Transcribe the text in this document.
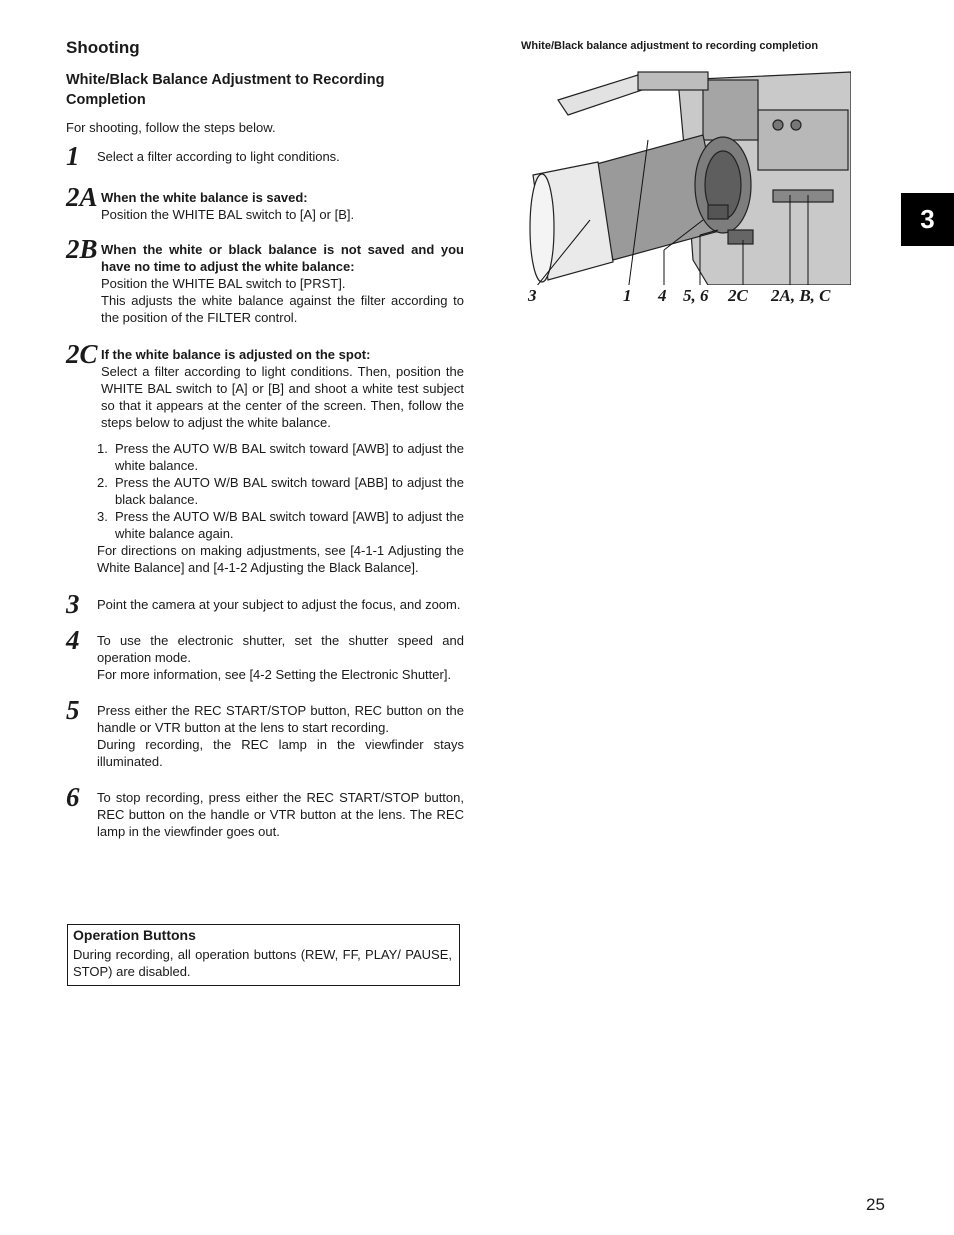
Shooting
White/Black Balance Adjustment to Recording Completion
For shooting, follow the steps below.
1 Select a filter according to light conditions.
2A When the white balance is saved:

Position the WHITE BAL switch to [A] or [B].

2B When the white or black balance is not saved and you have no time to adjust the white balance:

Position the WHITE BAL switch to [PRST].

This adjusts the white balance against the filter according to the position of the FILTER control.

2C If the white balance is adjusted on the spot:

Select a filter according to light conditions. Then, position the WHITE BAL switch to [A] or [B] and shoot a white test subject so that it appears at the center of the screen. Then, follow the steps below to adjust the white balance.

1. Press the AUTO W/B BAL switch toward [AWB] to adjust the white balance.
2. Press the AUTO W/B BAL switch toward [ABB] to adjust the black balance.
3. Press the AUTO W/B BAL switch toward [AWB] to adjust the white balance again.

For directions on making adjustments, see [4-1-1 Adjusting the White Balance] and [4-1-2 Adjusting the Black Balance].

3 Point the camera at your subject to adjust the focus, and zoom.
4 To use the electronic shutter, set the shutter speed and operation mode.

For more information, see [4-2 Setting the Electronic Shutter].

5 Press either the REC START/STOP button, REC button on the handle or VTR button at the lens to start recording.

During recording, the REC lamp in the viewfinder stays illuminated.

6 To stop recording, press either the REC START/STOP button, REC button on the handle or VTR button at the lens. The REC lamp in the viewfinder goes out.
Operation Buttons
During recording, all operation buttons (REW, FF, PLAY/ PAUSE, STOP) are disabled.
White/Black balance adjustment to recording completion
3	1 4 5, 6 2C 2A, B, C
3
25
